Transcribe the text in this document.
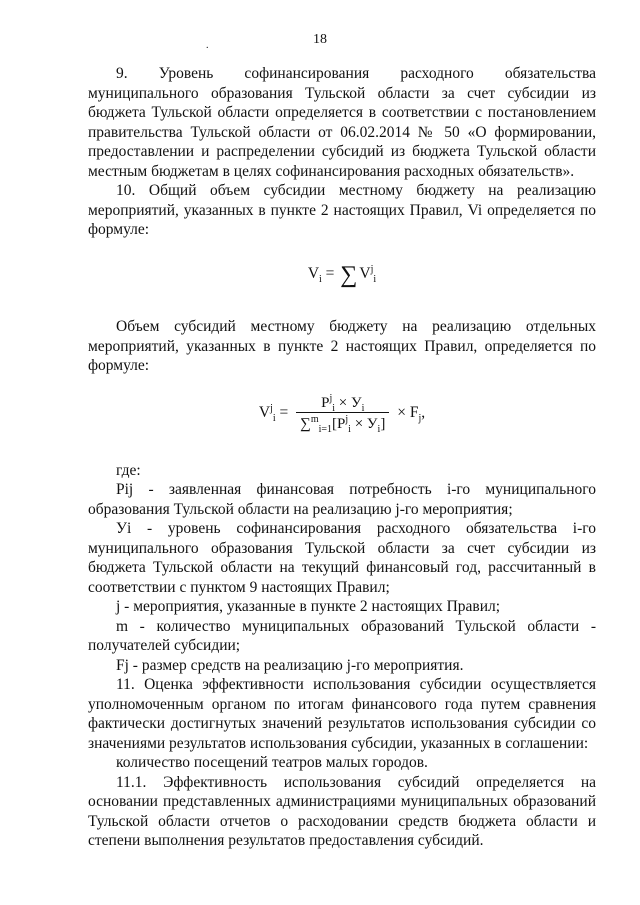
18
.

9. Уровень софинансирования расходного обязательства муниципального образования Тульской области за счет субсидии из бюджета Тульской области определяется в соответствии с постановлением правительства Тульской области от 06.02.2014 № 50 «О формировании, предоставлении и распределении субсидий из бюджета Тульской области местным бюджетам в целях софинансирования расходных обязательств».

10. Общий объем субсидии местному бюджету на реализацию мероприятий, указанных в пункте 2 настоящих Правил, Vi определяется по формуле:

$V_i$ = ∑ $V^j_i$

Объем субсидий местному бюджету на реализацию отдельных мероприятий, указанных в пункте 2 настоящих Правил, определяется по формуле:

$V^j_i = \frac{P^j_i \times У_i}{\sum^m_{i=1}[P^j_i \times У_i]} \times F_j$,

где:

Pij - заявленная финансовая потребность i-го муниципального образования Тульской области на реализацию j-го мероприятия;

Уi - уровень софинансирования расходного обязательства i-го муниципального образования Тульской области за счет субсидии из бюджета Тульской области на текущий финансовый год, рассчитанный в соответствии с пунктом 9 настоящих Правил;

j - мероприятия, указанные в пункте 2 настоящих Правил;

m - количество муниципальных образований Тульской области - получателей субсидии;

Fj - размер средств на реализацию j-го мероприятия.

11. Оценка эффективности использования субсидии осуществляется уполномоченным органом по итогам финансового года путем сравнения фактически достигнутых значений результатов использования субсидии со значениями результатов использования субсидии, указанных в соглашении:

количество посещений театров малых городов.

11.1. Эффективность использования субсидий определяется на основании представленных администрациями муниципальных образований Тульской области отчетов о расходовании средств бюджета области и степени выполнения результатов предоставления субсидий.
